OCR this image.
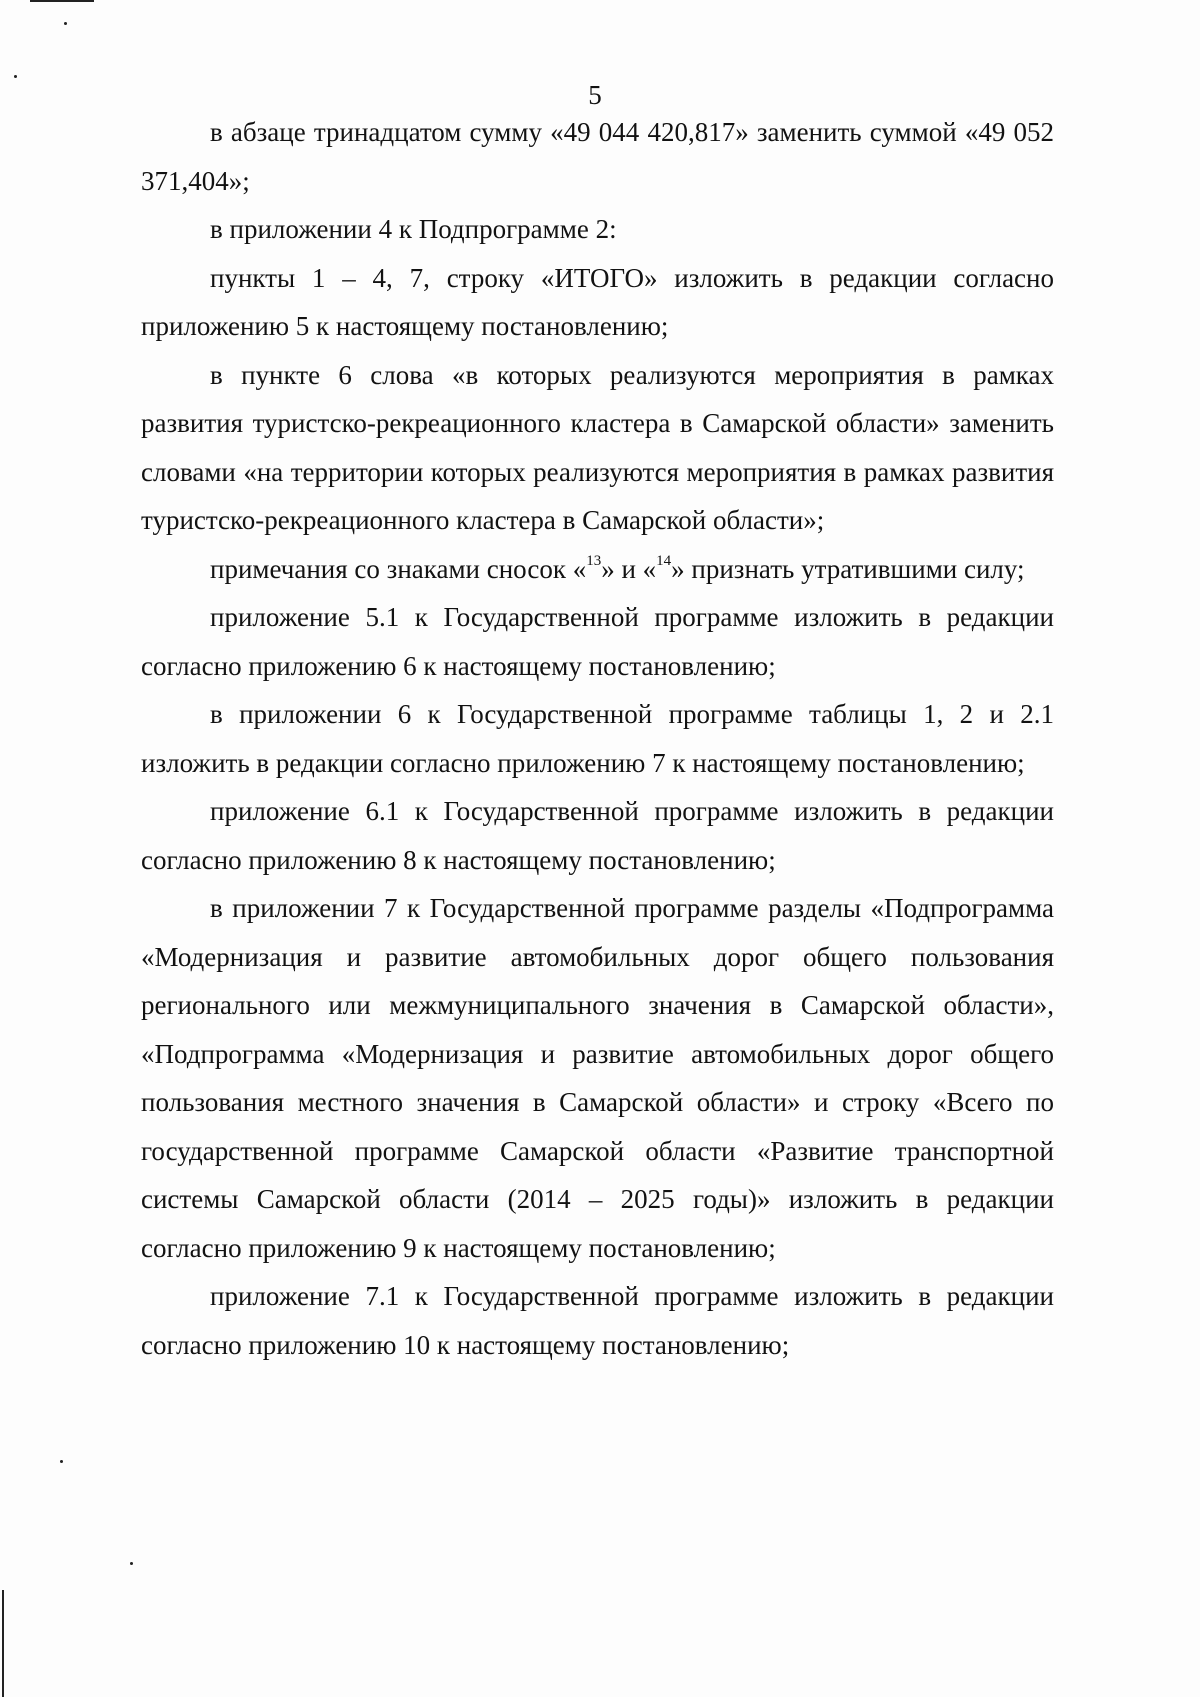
5

в абзаце тринадцатом сумму «49 044 420,817» заменить суммой «49 052 371,404»;

в приложении 4 к Подпрограмме 2:

пункты 1 – 4, 7, строку «ИТОГО» изложить в редакции согласно приложению 5 к настоящему постановлению;

в пункте 6 слова «в которых реализуются мероприятия в рамках развития туристско-рекреационного кластера в Самарской области» заменить словами «на территории которых реализуются мероприятия в рамках развития туристско-рекреационного кластера в Самарской области»;

примечания со знаками сносок «$^{13}$» и «$^{14}$» признать утратившими силу;

приложение 5.1 к Государственной программе изложить в редакции согласно приложению 6 к настоящему постановлению;

в приложении 6 к Государственной программе таблицы 1, 2 и 2.1 изложить в редакции согласно приложению 7 к настоящему постановлению;

приложение 6.1 к Государственной программе изложить в редакции согласно приложению 8 к настоящему постановлению;

в приложении 7 к Государственной программе разделы «Подпрограмма «Модернизация и развитие автомобильных дорог общего пользования регионального или межмуниципального значения в Самарской области», «Подпрограмма «Модернизация и развитие автомобильных дорог общего пользования местного значения в Самарской области» и строку «Всего по государственной программе Самарской области «Развитие транспортной системы Самарской области (2014 – 2025 годы)» изложить в редакции согласно приложению 9 к настоящему постановлению;

приложение 7.1 к Государственной программе изложить в редакции согласно приложению 10 к настоящему постановлению;
